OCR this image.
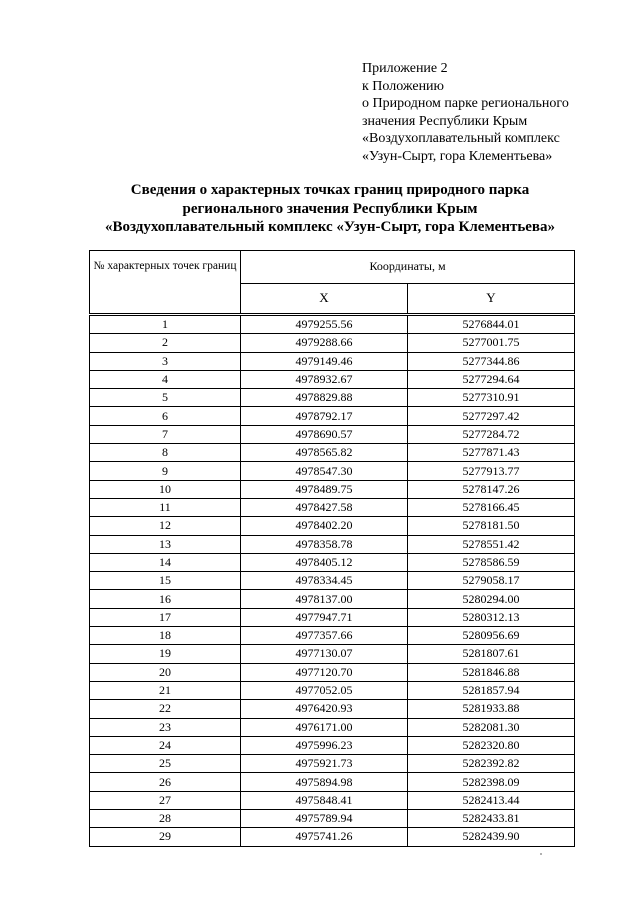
Приложение 2
к Положению
о Природном парке регионального
значения Республики Крым
«Воздухоплавательный комплекс
«Узун-Сырт, гора Клементьева»
Сведения о характерных точках границ природного парка
регионального значения Республики Крым
«Воздухоплавательный комплекс «Узун-Сырт, гора Клементьева»
№ характерных точек границ	Координаты, м	
	X	Y
1	4979255.56	5276844.01
2	4979288.66	5277001.75
3	4979149.46	5277344.86
4	4978932.67	5277294.64
5	4978829.88	5277310.91
6	4978792.17	5277297.42
7	4978690.57	5277284.72
8	4978565.82	5277871.43
9	4978547.30	5277913.77
10	4978489.75	5278147.26
11	4978427.58	5278166.45
12	4978402.20	5278181.50
13	4978358.78	5278551.42
14	4978405.12	5278586.59
15	4978334.45	5279058.17
16	4978137.00	5280294.00
17	4977947.71	5280312.13
18	4977357.66	5280956.69
19	4977130.07	5281807.61
20	4977120.70	5281846.88
21	4977052.05	5281857.94
22	4976420.93	5281933.88
23	4976171.00	5282081.30
24	4975996.23	5282320.80
25	4975921.73	5282392.82
26	4975894.98	5282398.09
27	4975848.41	5282413.44
28	4975789.94	5282433.81
29	4975741.26	5282439.90
